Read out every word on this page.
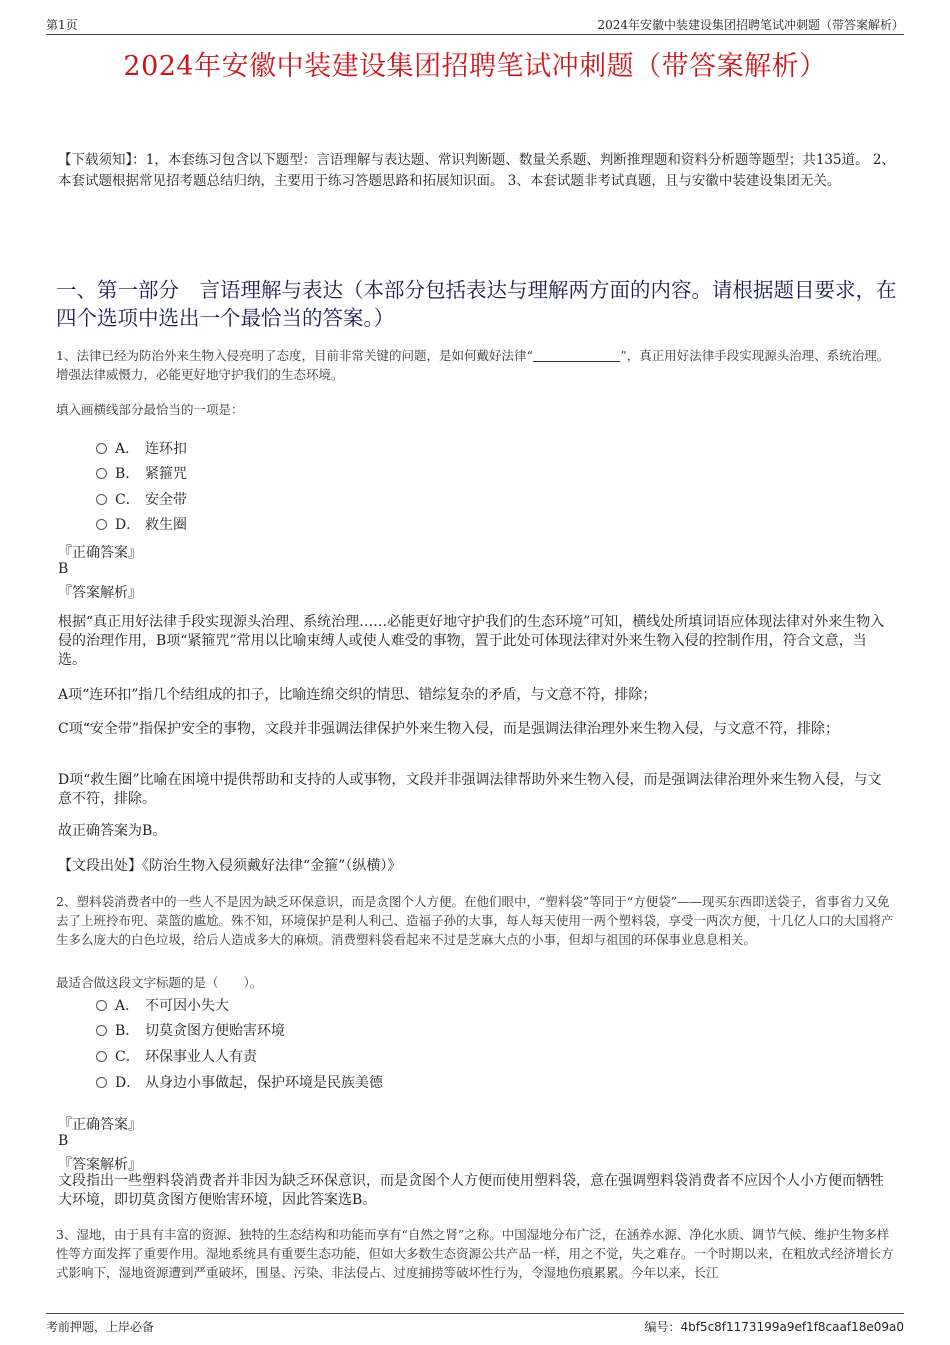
第1页	2024年安徽中装建设集团招聘笔试冲刺题（带答案解析）
2024年安徽中装建设集团招聘笔试冲刺题（带答案解析）
【下载须知】：1，本套练习包含以下题型：言语理解与表达题、常识判断题、数量关系题、判断推理题和资料分析题等题型；共135道。 2、本套试题根据常见招考题总结归纳，主要用于练习答题思路和拓展知识面。 3、本套试题非考试真题，且与安徽中装建设集团无关。
一、第一部分　言语理解与表达（本部分包括表达与理解两方面的内容。请根据题目要求，在四个选项中选出一个最恰当的答案。）
1、法律已经为防治外来生物入侵亮明了态度，目前非常关键的问题，是如何戴好法律“　　　　　　　	”，真正用好法律手段实现源头治理、系统治理。增强法律威慑力，必能更好地守护我们的生态环境。
填入画横线部分最恰当的一项是：
A． 连环扣
B． 紧箍咒
C． 安全带
D． 救生圈
『正确答案』
B
『答案解析』
根据“真正用好法律手段实现源头治理、系统治理……必能更好地守护我们的生态环境”可知，横线处所填词语应体现法律对外来生物入侵的治理作用，B项“紧箍咒”常用以比喻束缚人或使人难受的事物，置于此处可体现法律对外来生物入侵的控制作用，符合文意，当选。
A项“连环扣”指几个结组成的扣子，比喻连绵交织的情思、错综复杂的矛盾，与文意不符，排除；
C项“安全带”指保护安全的事物，文段并非强调法律保护外来生物入侵，而是强调法律治理外来生物入侵，与文意不符，排除；
D项“救生圈”比喻在困境中提供帮助和支持的人或事物，文段并非强调法律帮助外来生物入侵，而是强调法律治理外来生物入侵，与文意不符，排除。
故正确答案为B。
【文段出处】《防治生物入侵须戴好法律“金箍”（纵横）》
2、塑料袋消费者中的一些人不是因为缺乏环保意识，而是贪图个人方便。在他们眼中，“塑料袋”等同于“方便袋”——现买东西即送袋子，省事省力又免去了上班拎布兜、菜篮的尴尬。殊不知，环境保护是利人利己、造福子孙的大事，每人每天使用一两个塑料袋，享受一两次方便，十几亿人口的大国将产生多么庞大的白色垃圾，给后人造成多大的麻烦。消费塑料袋看起来不过是芝麻大点的小事，但却与祖国的环保事业息息相关。
最适合做这段文字标题的是（　　）。
A． 不可因小失大
B． 切莫贪图方便贻害环境
C． 环保事业人人有责
D． 从身边小事做起，保护环境是民族美德
『正确答案』
B
『答案解析』
文段指出一些塑料袋消费者并非因为缺乏环保意识，而是贪图个人方便而使用塑料袋，意在强调塑料袋消费者不应因个人小方便而牺牲大环境，即切莫贪图方便贻害环境，因此答案选B。
3、湿地，由于具有丰富的资源、独特的生态结构和功能而享有“自然之肾”之称。中国湿地分布广泛，在涵养水源、净化水质、调节气候、维护生物多样性等方面发挥了重要作用。湿地系统具有重要生态功能，但如大多数生态资源公共产品一样，用之不觉，失之难存。一个时期以来，在粗放式经济增长方式影响下，湿地资源遭到严重破坏，围垦、污染、非法侵占、过度捕捞等破坏性行为，令湿地伤痕累累。今年以来，长江
考前押题，上岸必备	编号：4bf5c8f1173199a9ef1f8caaf18e09a0
